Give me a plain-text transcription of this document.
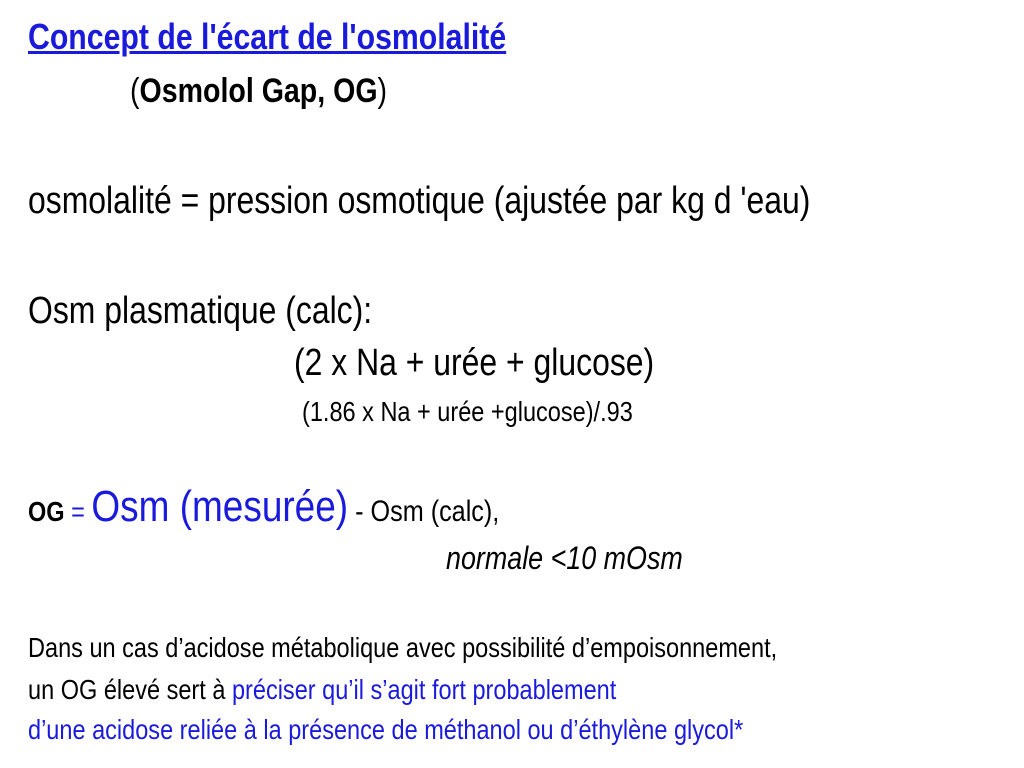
Concept de l'écart de l'osmolalité
(Osmolol Gap, OG)
osmolalité = pression osmotique (ajustée par kg d 'eau)
Osm plasmatique (calc):
(2 x Na + urée + glucose)
(1.86 x Na + urée +glucose)/.93
OG = Osm (mesurée) - Osm (calc),
normale <10 mOsm
Dans un cas d’acidose métabolique avec possibilité d’empoisonnement,
un OG élevé sert à préciser qu’il s’agit fort probablement
d’une acidose reliée à la présence de méthanol ou d’éthylène glycol*
